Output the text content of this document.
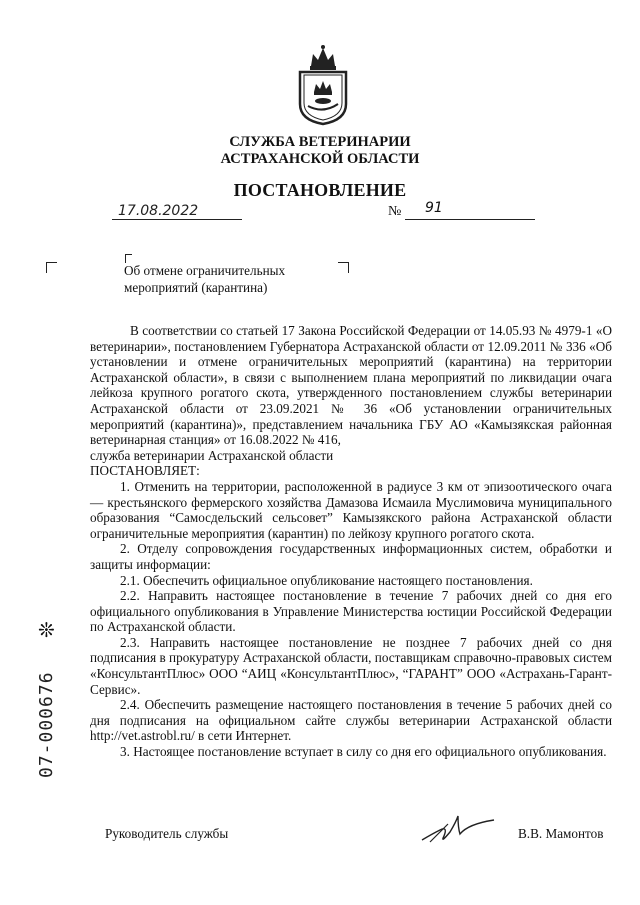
СЛУЖБА ВЕТЕРИНАРИИ
АСТРАХАНСКОЙ ОБЛАСТИ
ПОСТАНОВЛЕНИЕ
17.08.2022	№ 91
Об отмене ограничительных
мероприятий (карантина)

В соответствии со статьей 17 Закона Российской Федерации от 14.05.93 № 4979-1 «О ветеринарии», постановлением Губернатора Астраханской области от 12.09.2011 № 336 «Об установлении и отмене ограничительных мероприятий (карантина) на территории Астраханской области», в связи с выполнением плана мероприятий по ликвидации очага лейкоза крупного рогатого скота, утвержденного постановлением службы ветеринарии Астраханской области от 23.09.2021 № 36 «Об установлении ограничительных мероприятий (карантина)», представлением начальника ГБУ АО «Камызякская районная ветеринарная станция» от 16.08.2022 № 416,

служба ветеринарии Астраханской области

ПОСТАНОВЛЯЕТ:

1. Отменить на территории, расположенной в радиусе 3 км от эпизоотического очага — крестьянского фермерского хозяйства Дамазова Исмаила Муслимовича муниципального образования “Самосдельский сельсовет” Камызякского района Астраханской области ограничительные мероприятия (карантин) по лейкозу крупного рогатого скота.

2. Отделу сопровождения государственных информационных систем, обработки и защиты информации:

2.1. Обеспечить официальное опубликование настоящего постановления.

2.2. Направить настоящее постановление в течение 7 рабочих дней со дня его официального опубликования в Управление Министерства юстиции Российской Федерации по Астраханской области.

2.3. Направить настоящее постановление не позднее 7 рабочих дней со дня подписания в прокуратуру Астраханской области, поставщикам справочно-правовых систем «КонсультантПлюс» ООО “АИЦ «КонсультантПлюс», “ГАРАНТ” ООО «Астрахань-Гарант-Сервис».

2.4. Обеспечить размещение настоящего постановления в течение 5 рабочих дней со дня подписания на официальном сайте службы ветеринарии Астраханской области http://vet.astrobl.ru/ в сети Интернет.

3. Настоящее постановление вступает в силу со дня его официального опубликования.

Руководитель службы	В.В. Мамонтов
❊
07-000676
